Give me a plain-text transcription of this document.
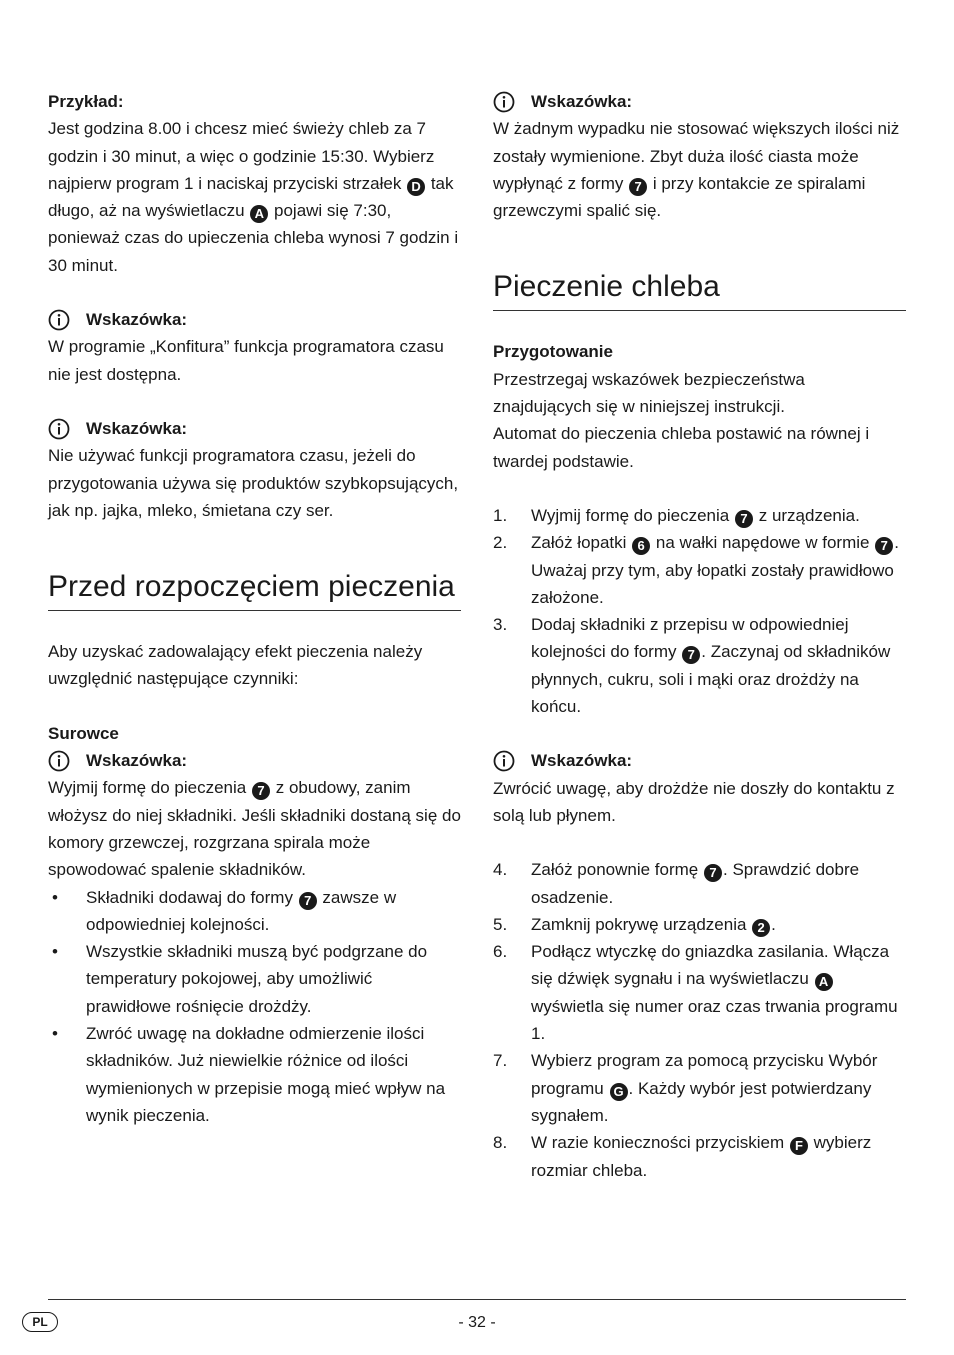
Przykład:

Jest godzina 8.00 i chcesz mieć świeży chleb za 7 godzin i 30 minut, a więc o godzinie 15:30. Wybierz najpierw program 1 i naciskaj przyciski strzałek D tak długo, aż na wyświetlaczu A pojawi się 7:30, ponieważ czas do upieczenia chleba wynosi 7 godzin i 30 minut.

Wskazówka:

W programie „Konfitura” funkcja programatora czasu nie jest dostępna.

Wskazówka:

Nie używać funkcji programatora czasu, jeżeli do przygotowania używa się produktów szybkopsujących, jak np. jajka, mleko, śmietana czy ser.

Przed rozpoczęciem pieczenia

Aby uzyskać zadowalający efekt pieczenia należy uwzględnić następujące czynniki:

Surowce

Wskazówka:

Wyjmij formę do pieczenia 7 z obudowy, zanim włożysz do niej składniki. Jeśli składniki dostaną się do komory grzewczej, rozgrzana spirala może spowodować spalenie składników.

• Składniki dodawaj do formy 7 zawsze w odpowiedniej kolejności.
• Wszystkie składniki muszą być podgrzane do temperatury pokojowej, aby umożliwić prawidłowe rośnięcie drożdży.
• Zwróć uwagę na dokładne odmierzenie ilości składników. Już niewielkie różnice od ilości wymienionych w przepisie mogą mieć wpływ na wynik pieczenia.
Wskazówka:

W żadnym wypadku nie stosować większych ilości niż zostały wymienione. Zbyt duża ilość ciasta może wypłynąć z formy 7 i przy kontakcie ze spiralami grzewczymi spalić się.

Pieczenie chleba

Przygotowanie

Przestrzegaj wskazówek bezpieczeństwa znajdujących się w niniejszej instrukcji.

Automat do pieczenia chleba postawić na równej i twardej podstawie.

1. Wyjmij formę do pieczenia 7 z urządzenia.
2. Załóż łopatki 6 na wałki napędowe w formie 7 . Uważaj przy tym, aby łopatki zostały prawidłowo założone.
3. Dodaj składniki z przepisu w odpowiedniej kolejności do formy 7 . Zaczynaj od składników płynnych, cukru, soli i mąki oraz drożdży na końcu.
Wskazówka:

Zwrócić uwagę, aby drożdże nie doszły do kontaktu z solą lub płynem.

4. Załóż ponownie formę 7 . Sprawdzić dobre osadzenie.
5. Zamknij pokrywę urządzenia 2 .
6. Podłącz wtyczkę do gniazdka zasilania. Włącza się dźwięk sygnału i na wyświetlaczu A wyświetla się numer oraz czas trwania programu 1.
7. Wybierz program za pomocą przycisku Wybór programu G . Każdy wybór jest potwierdzany sygnałem.
8. W razie konieczności przyciskiem F wybierz rozmiar chleba.
PL	- 32 -
